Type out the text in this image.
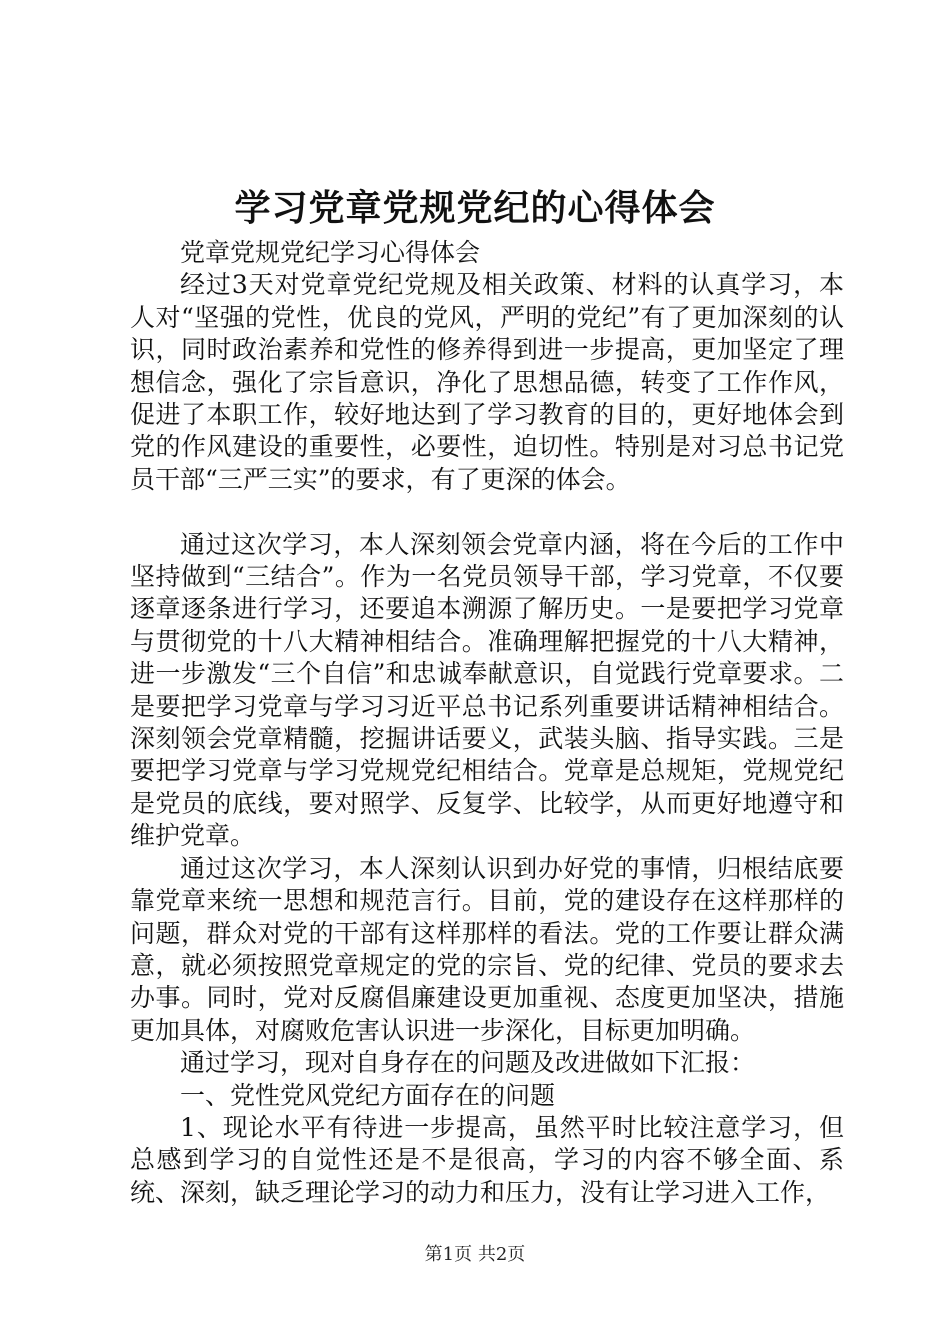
学习党章党规党纪的心得体会

党章党规党纪学习心得体会

经过3天对党章党纪党规及相关政策、材料的认真学习，本人对“坚强的党性，优良的党风，严明的党纪”有了更加深刻的认识，同时政治素养和党性的修养得到进一步提高，更加坚定了理想信念，强化了宗旨意识，净化了思想品德，转变了工作作风，促进了本职工作，较好地达到了学习教育的目的，更好地体会到党的作风建设的重要性，必要性，迫切性。特别是对习总书记党员干部“三严三实”的要求，有了更深的体会。

通过这次学习，本人深刻领会党章内涵，将在今后的工作中坚持做到“三结合”。作为一名党员领导干部，学习党章，不仅要逐章逐条进行学习，还要追本溯源了解历史。一是要把学习党章与贯彻党的十八大精神相结合。准确理解把握党的十八大精神，进一步激发“三个自信”和忠诚奉献意识，自觉践行党章要求。二是要把学习党章与学习习近平总书记系列重要讲话精神相结合。深刻领会党章精髓，挖掘讲话要义，武装头脑、指导实践。三是要把学习党章与学习党规党纪相结合。党章是总规矩，党规党纪是党员的底线，要对照学、反复学、比较学，从而更好地遵守和维护党章。

通过这次学习，本人深刻认识到办好党的事情，归根结底要靠党章来统一思想和规范言行。目前，党的建设存在这样那样的问题，群众对党的干部有这样那样的看法。党的工作要让群众满意，就必须按照党章规定的党的宗旨、党的纪律、党员的要求去办事。同时，党对反腐倡廉建设更加重视、态度更加坚决，措施更加具体，对腐败危害认识进一步深化，目标更加明确。

通过学习，现对自身存在的问题及改进做如下汇报：

一、党性党风党纪方面存在的问题

1、现论水平有待进一步提高，虽然平时比较注意学习，但总感到学习的自觉性还是不是很高，学习的内容不够全面、系统、深刻，缺乏理论学习的动力和压力，没有让学习进入工作，

第1页 共2页
